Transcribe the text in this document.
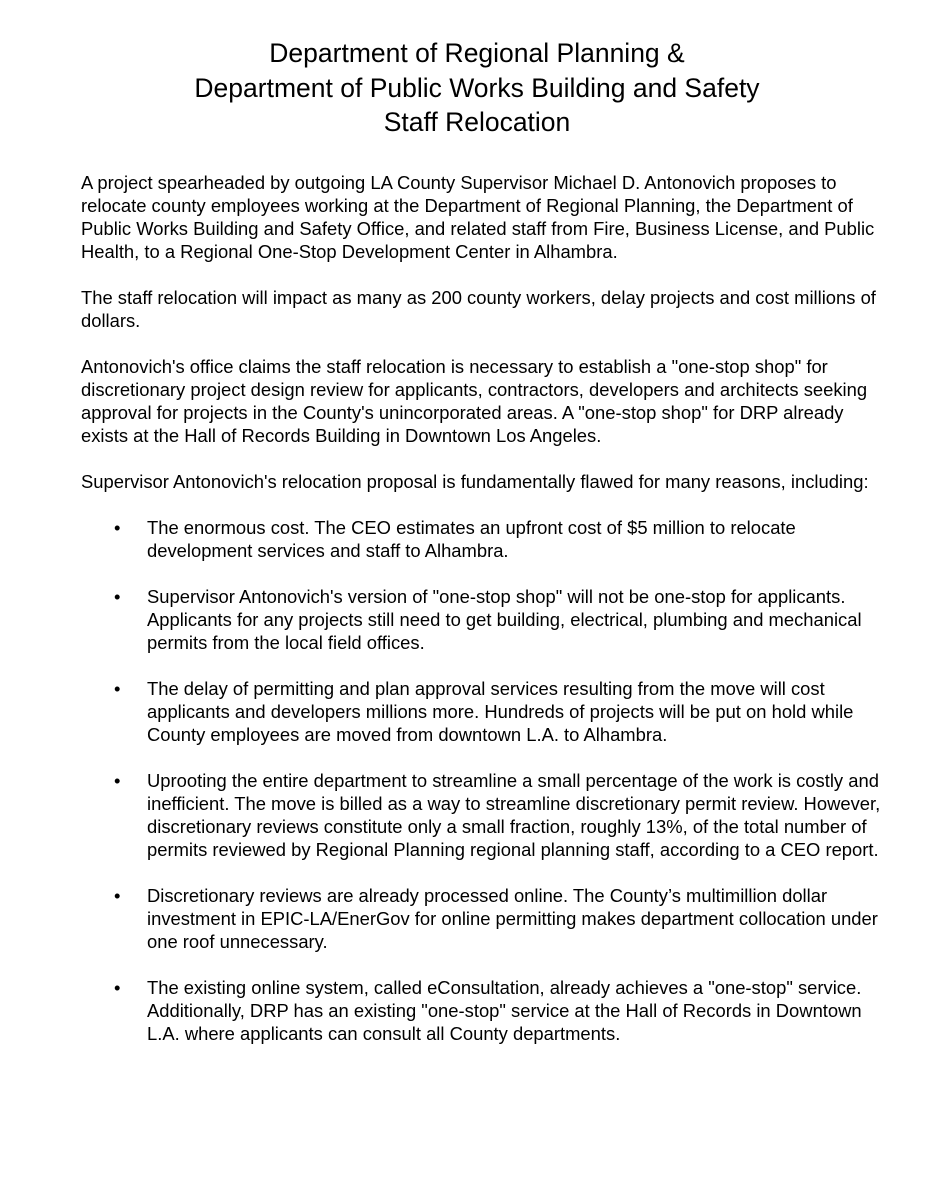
Department of Regional Planning &
Department of Public Works Building and Safety
Staff Relocation

A project spearheaded by outgoing LA County Supervisor Michael D. Antonovich proposes to relocate county employees working at the Department of Regional Planning, the Department of Public Works Building and Safety Office, and related staff from Fire, Business License, and Public Health, to a Regional One-Stop Development Center in Alhambra.

The staff relocation will impact as many as 200 county workers, delay projects and cost millions of dollars.

Antonovich's office claims the staff relocation is necessary to establish a "one-stop shop" for discretionary project design review for applicants, contractors, developers and architects seeking approval for projects in the County's unincorporated areas. A "one-stop shop" for DRP already exists at the Hall of Records Building in Downtown Los Angeles.

Supervisor Antonovich's relocation proposal is fundamentally flawed for many reasons, including:

•	The enormous cost. The CEO estimates an upfront cost of $5 million to relocate development services and staff to Alhambra.
•	Supervisor Antonovich's version of "one-stop shop" will not be one-stop for applicants. Applicants for any projects still need to get building, electrical, plumbing and mechanical permits from the local field offices.
•	The delay of permitting and plan approval services resulting from the move will cost applicants and developers millions more. Hundreds of projects will be put on hold while County employees are moved from downtown L.A. to Alhambra.
•	Uprooting the entire department to streamline a small percentage of the work is costly and inefficient. The move is billed as a way to streamline discretionary permit review. However, discretionary reviews constitute only a small fraction, roughly 13%, of the total number of permits reviewed by Regional Planning regional planning staff, according to a CEO report.
•	Discretionary reviews are already processed online. The County’s multimillion dollar investment in EPIC-LA/EnerGov for online permitting makes department collocation under one roof unnecessary.
•	The existing online system, called eConsultation, already achieves a "one-stop" service. Additionally, DRP has an existing "one-stop" service at the Hall of Records in Downtown L.A. where applicants can consult all County departments.
